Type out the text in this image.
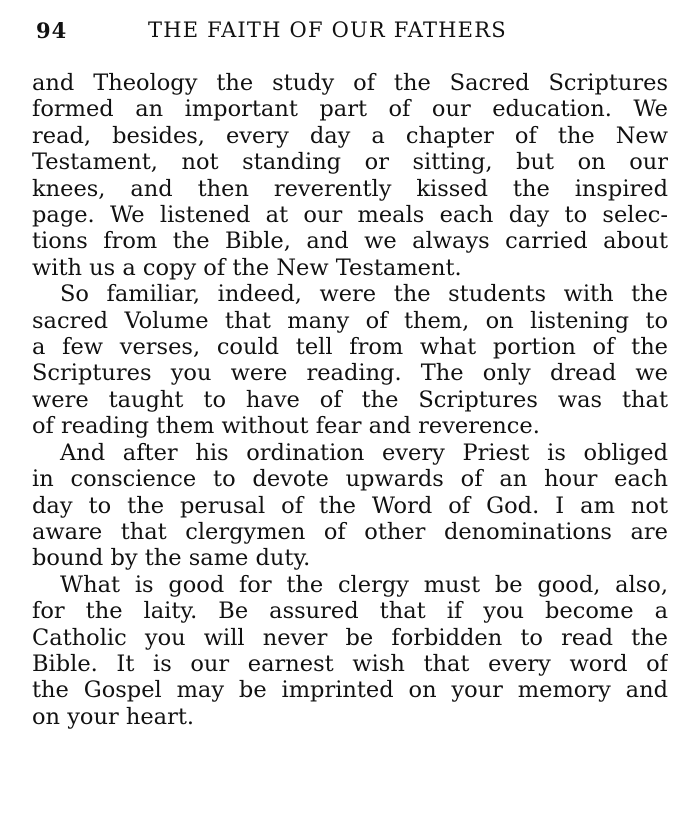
94	THE FAITH OF OUR FATHERS

and Theology the study of the Sacred Scriptures
formed an important part of our education. We
read, besides, every day a chapter of the New
Testament, not standing or sitting, but on our
knees, and then reverently kissed the inspired
page. We listened at our meals each day to selec-
tions from the Bible, and we always carried about
with us a copy of the New Testament.

So familiar, indeed, were the students with the
sacred Volume that many of them, on listening to
a few verses, could tell from what portion of the
Scriptures you were reading. The only dread we
were taught to have of the Scriptures was that
of reading them without fear and reverence.

And after his ordination every Priest is obliged
in conscience to devote upwards of an hour each
day to the perusal of the Word of God. I am not
aware that clergymen of other denominations are
bound by the same duty.

What is good for the clergy must be good, also,
for the laity. Be assured that if you become a
Catholic you will never be forbidden to read the
Bible. It is our earnest wish that every word of
the Gospel may be imprinted on your memory and
on your heart.
